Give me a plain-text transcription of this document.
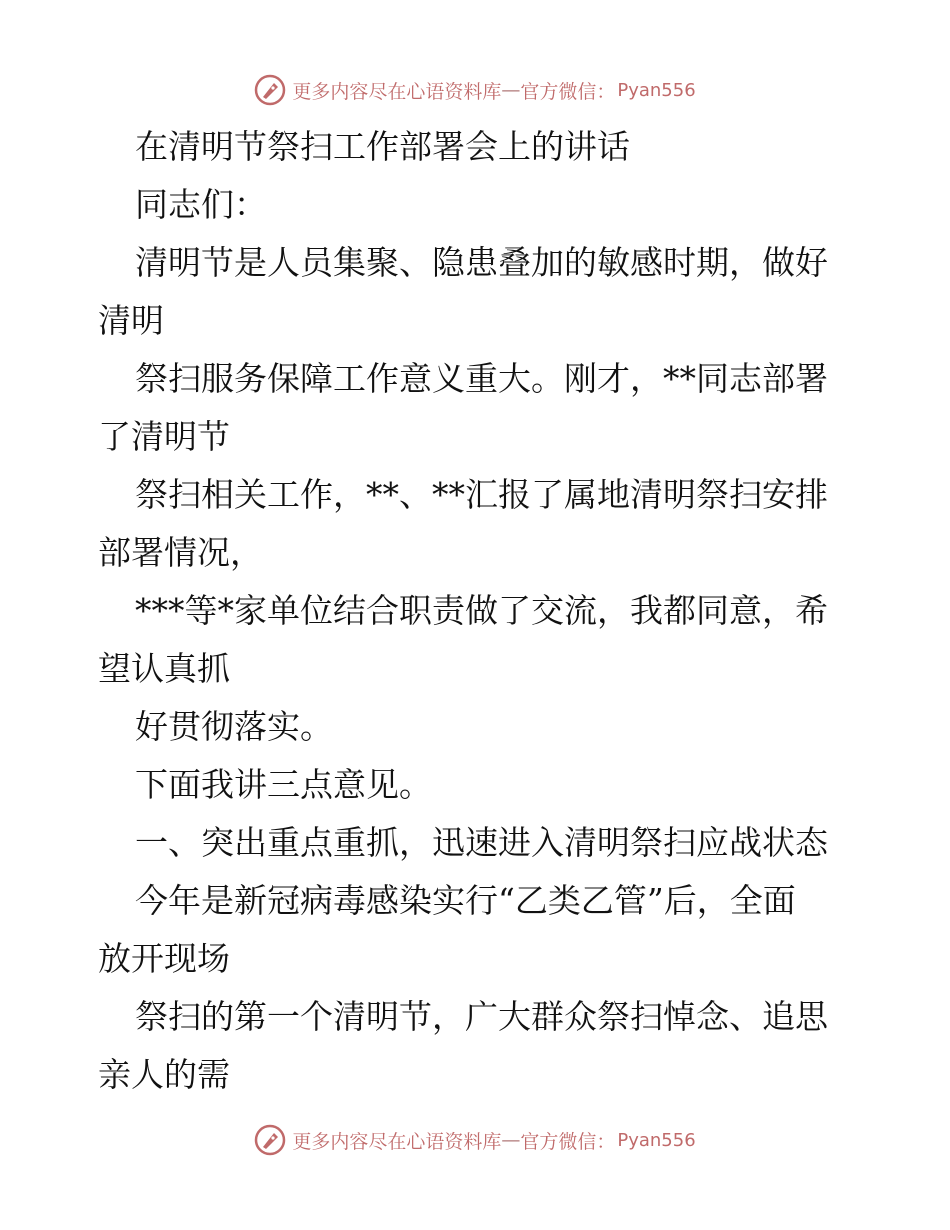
更多内容尽在心语资料库 — 官方微信： Pyan556
在清明节祭扫工作部署会上的讲话
同志们：
清明节是人员集聚、隐患叠加的敏感时期，做好
清明
祭扫服务保障工作意义重大。刚才，**同志部署
了清明节
祭扫相关工作，**、**汇报了属地清明祭扫安排
部署情况，
***等*家单位结合职责做了交流，我都同意，希
望认真抓
好贯彻落实。
下面我讲三点意见。
一、突出重点重抓，迅速进入清明祭扫应战状态
今年是新冠病毒感染实行“乙类乙管”后，全面
放开现场
祭扫的第一个清明节，广大群众祭扫悼念、追思
亲人的需
更多内容尽在心语资料库 — 官方微信： Pyan556
